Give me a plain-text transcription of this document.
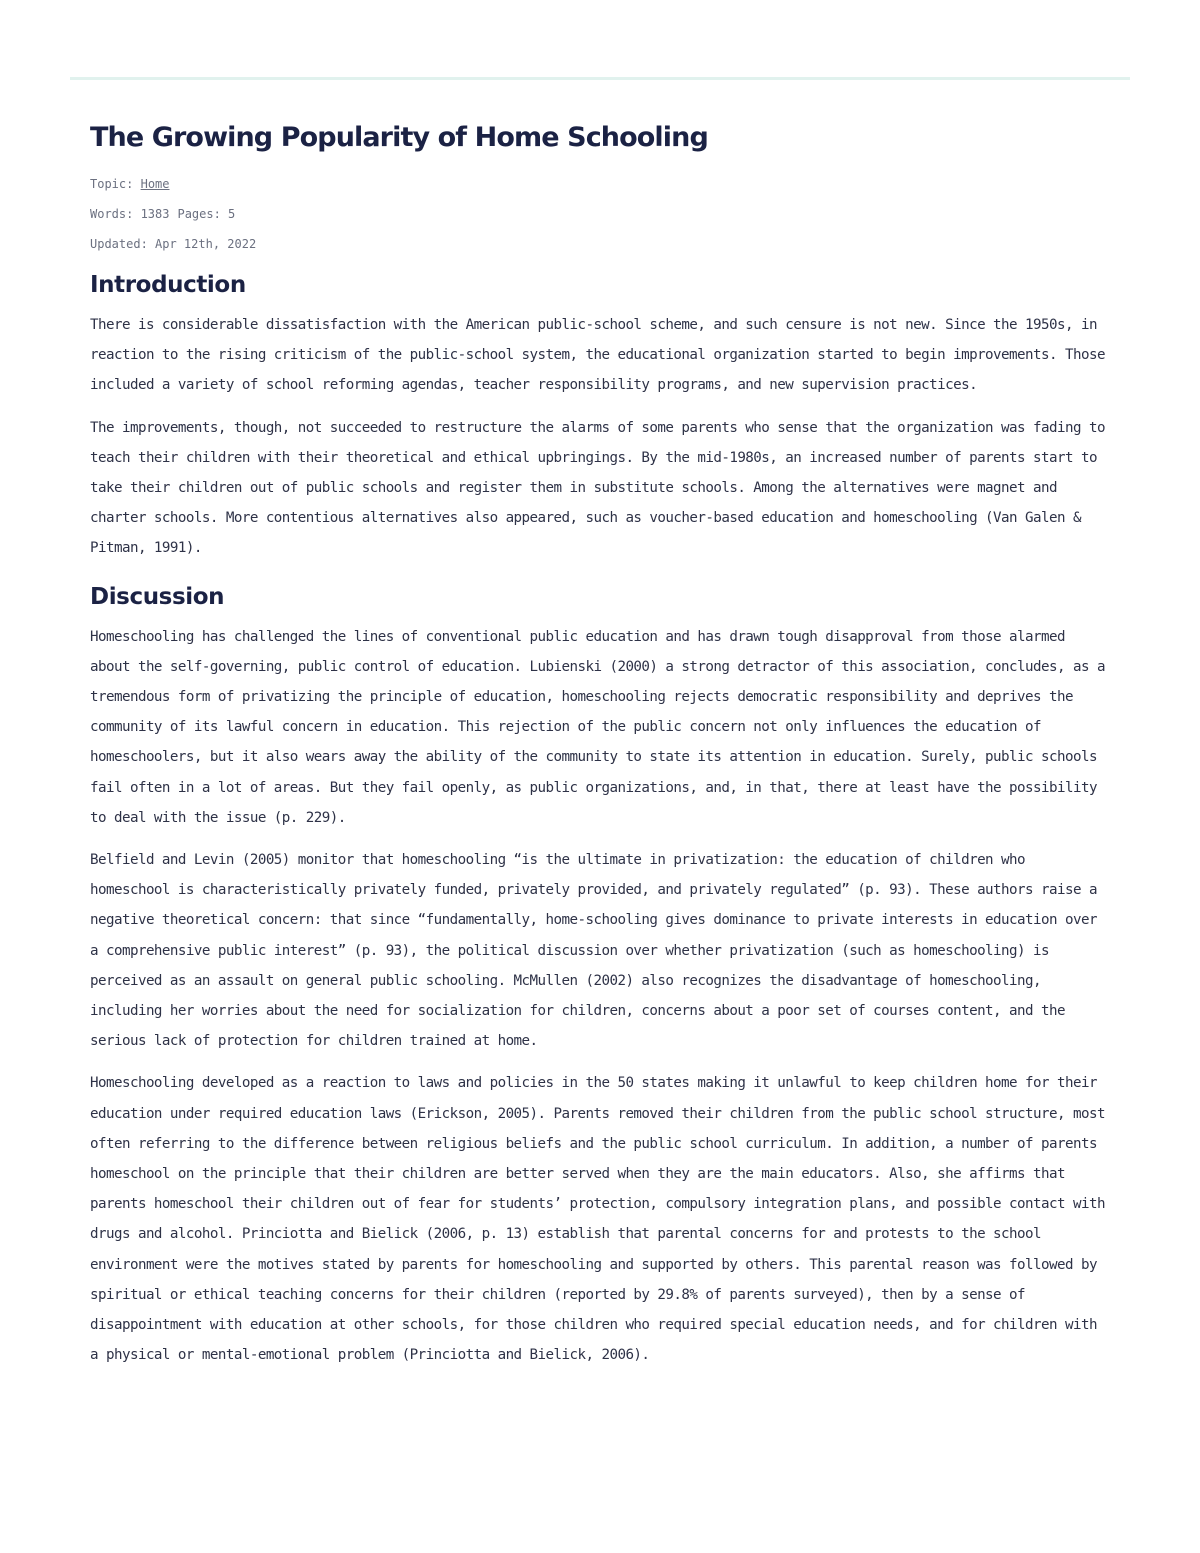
The Growing Popularity of Home Schooling
Topic: Home
Words: 1383 Pages: 5
Updated: Apr 12th, 2022
Introduction

There is considerable dissatisfaction with the American public-school scheme, and such censure is not new. Since the 1950s, in reaction to the rising criticism of the public-school system, the educational organization started to begin improvements. Those included a variety of school reforming agendas, teacher responsibility programs, and new supervision practices.

The improvements, though, not succeeded to restructure the alarms of some parents who sense that the organization was fading to teach their children with their theoretical and ethical upbringings. By the mid-1980s, an increased number of parents start to take their children out of public schools and register them in substitute schools. Among the alternatives were magnet and charter schools. More contentious alternatives also appeared, such as voucher-based education and homeschooling (Van Galen & Pitman, 1991).

Discussion

Homeschooling has challenged the lines of conventional public education and has drawn tough disapproval from those alarmed about the self-governing, public control of education. Lubienski (2000) a strong detractor of this association, concludes, as a tremendous form of privatizing the principle of education, homeschooling rejects democratic responsibility and deprives the community of its lawful concern in education. This rejection of the public concern not only influences the education of homeschoolers, but it also wears away the ability of the community to state its attention in education. Surely, public schools fail often in a lot of areas. But they fail openly, as public organizations, and, in that, there at least have the possibility to deal with the issue (p. 229).

Belfield and Levin (2005) monitor that homeschooling “is the ultimate in privatization: the education of children who homeschool is characteristically privately funded, privately provided, and privately regulated” (p. 93). These authors raise a negative theoretical concern: that since “fundamentally, home-schooling gives dominance to private interests in education over a comprehensive public interest” (p. 93), the political discussion over whether privatization (such as homeschooling) is perceived as an assault on general public schooling. McMullen (2002) also recognizes the disadvantage of homeschooling, including her worries about the need for socialization for children, concerns about a poor set of courses content, and the serious lack of protection for children trained at home.

Homeschooling developed as a reaction to laws and policies in the 50 states making it unlawful to keep children home for their education under required education laws (Erickson, 2005). Parents removed their children from the public school structure, most often referring to the difference between religious beliefs and the public school curriculum. In addition, a number of parents homeschool on the principle that their children are better served when they are the main educators. Also, she affirms that parents homeschool their children out of fear for students’ protection, compulsory integration plans, and possible contact with drugs and alcohol. Princiotta and Bielick (2006, p. 13) establish that parental concerns for and protests to the school environment were the motives stated by parents for homeschooling and supported by others. This parental reason was followed by spiritual or ethical teaching concerns for their children (reported by 29.8% of parents surveyed), then by a sense of disappointment with education at other schools, for those children who required special education needs, and for children with a physical or mental-emotional problem (Princiotta and Bielick, 2006).
